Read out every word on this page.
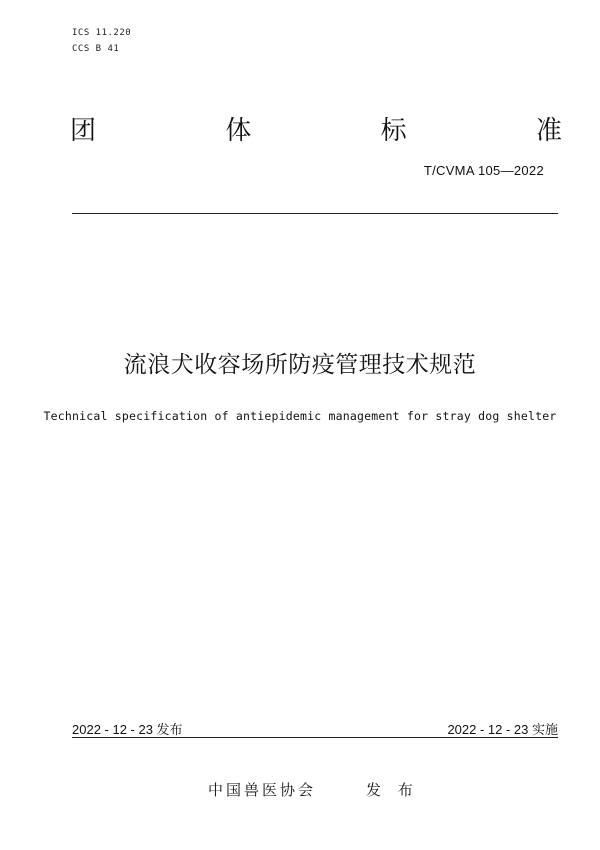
ICS 11.220
CCS B 41
团	体	标	准
T/CVMA 105—2022
流浪犬收容场所防疫管理技术规范
Technical specification of antiepidemic management for stray dog shelter
2022 - 12 - 23 发布	2022 - 12 - 23 实施
中国兽医协会	发 布
